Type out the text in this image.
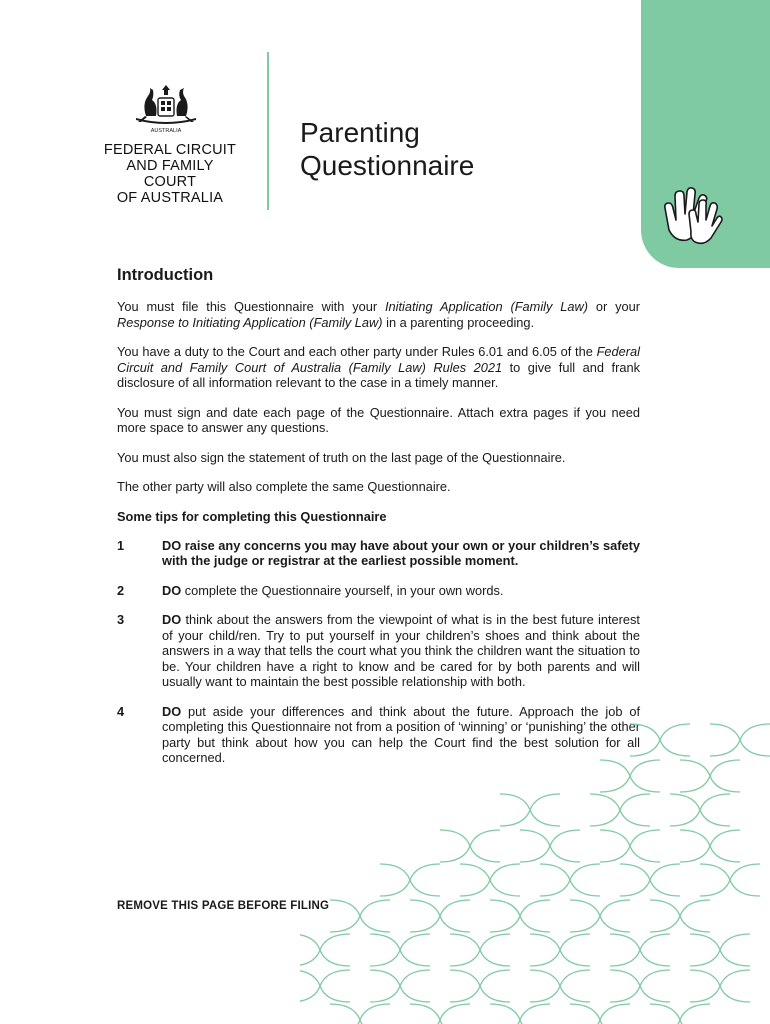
AUSTRALIA
FEDERAL CIRCUIT
AND FAMILY COURT
OF AUSTRALIA
Parenting
Questionnaire
Introduction

You must file this Questionnaire with your Initiating Application (Family Law) or your Response to Initiating Application (Family Law) in a parenting proceeding.

You have a duty to the Court and each other party under Rules 6.01 and 6.05 of the Federal Circuit and Family Court of Australia (Family Law) Rules 2021 to give full and frank disclosure of all information relevant to the case in a timely manner.

You must sign and date each page of the Questionnaire. Attach extra pages if you need more space to answer any questions.

You must also sign the statement of truth on the last page of the Questionnaire.

The other party will also complete the same Questionnaire.

Some tips for completing this Questionnaire
1	DO raise any concerns you may have about your own or your children’s safety with the judge or registrar at the earliest possible moment.
2	DO complete the Questionnaire yourself, in your own words.
3	DO think about the answers from the viewpoint of what is in the best future interest of your child/ren. Try to put yourself in your children’s shoes and think about the answers in a way that tells the court what you think the children want the situation to be. Your children have a right to know and be cared for by both parents and will usually want to maintain the best possible relationship with both.
4	DO put aside your differences and think about the future. Approach the job of completing this Questionnaire not from a position of ‘winning’ or ‘punishing’ the other party but think about how you can help the Court find the best solution for all concerned.
REMOVE THIS PAGE BEFORE FILING
